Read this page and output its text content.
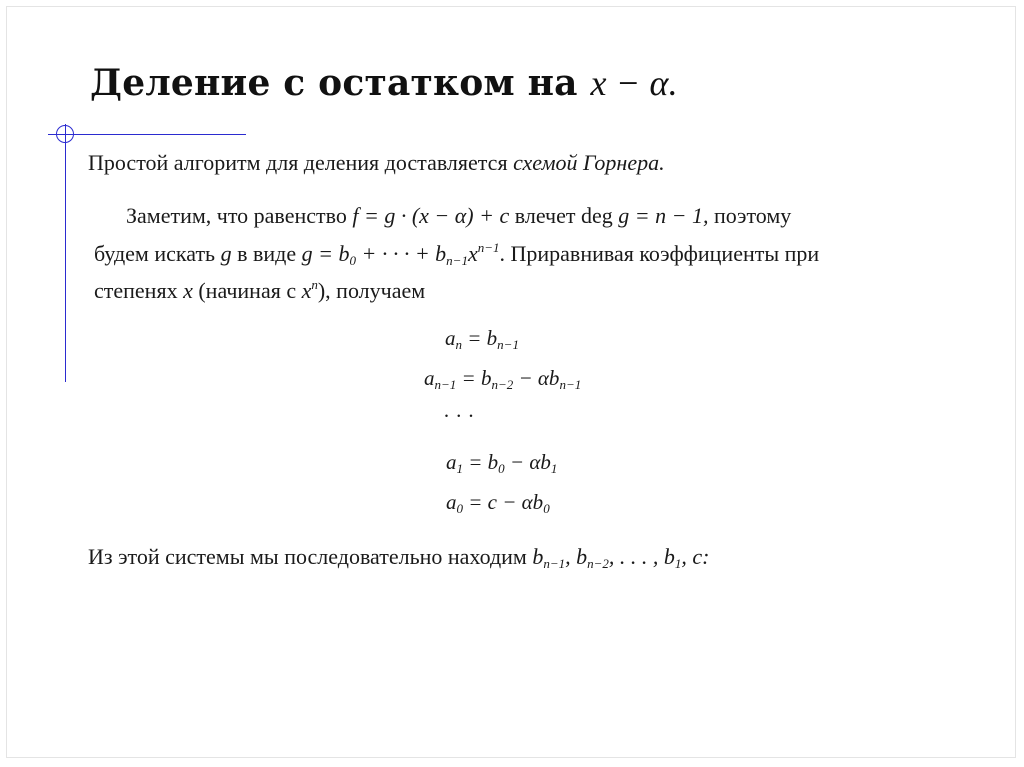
Деление с остатком на x − α.
Простой алгоритм для деления доставляется схемой Горнера.
Заметим, что равенство f = g · (x − α) + c влечет deg g = n − 1, поэтому
будем искать g в виде $g = b_0$ + · · · + $b_{n-1}x^{n-1}$. Приравнивая коэффициенты при
степенях x (начиная с $x^n$), получаем
$a_n = b_{n-1}$
$a_{n-1} = b_{n-2} - \alpha b_{n-1}$
· · ·
$a_1 = b_0 - \alpha b_1$
$a_0 = c - \alpha b_0$
Из этой системы мы последовательно находим $b_{n-1}$, $b_{n-2}$, . . . , $b_1$, c:
